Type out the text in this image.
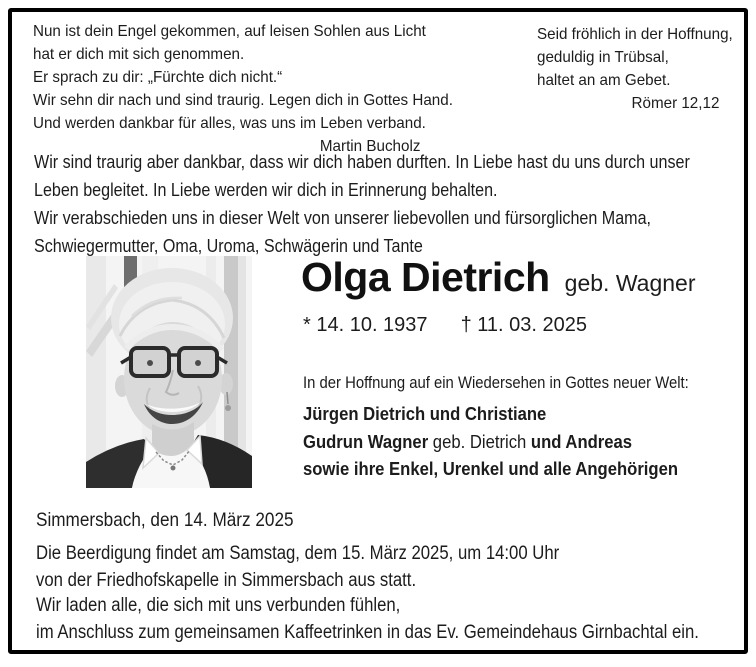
Nun ist dein Engel gekommen, auf leisen Sohlen aus Licht
hat er dich mit sich genommen.
Er sprach zu dir: „Fürchte dich nicht.“
Wir sehn dir nach und sind traurig. Legen dich in Gottes Hand.
Und werden dankbar für alles, was uns im Leben verband.
Martin Bucholz
Seid fröhlich in der Hoffnung,
geduldig in Trübsal,
haltet an am Gebet.
Römer 12,12
Wir sind traurig aber dankbar, dass wir dich haben durften. In Liebe hast du uns durch unser
Leben begleitet. In Liebe werden wir dich in Erinnerung behalten.
Wir verabschieden uns in dieser Welt von unserer liebevollen und fürsorglichen Mama,
Schwiegermutter, Oma, Uroma, Schwägerin und Tante
Olga Dietrich geb. Wagner
* 14. 10. 1937 † 11. 03. 2025
In der Hoffnung auf ein Wiedersehen in Gottes neuer Welt:
Jürgen Dietrich und Christiane
Gudrun Wagner geb. Dietrich und Andreas
sowie ihre Enkel, Urenkel und alle Angehörigen
Simmersbach, den 14. März 2025
Die Beerdigung findet am Samstag, dem 15. März 2025, um 14:00 Uhr
von der Friedhofskapelle in Simmersbach aus statt.
Wir laden alle, die sich mit uns verbunden fühlen,
im Anschluss zum gemeinsamen Kaffeetrinken in das Ev. Gemeindehaus Girnbachtal ein.
